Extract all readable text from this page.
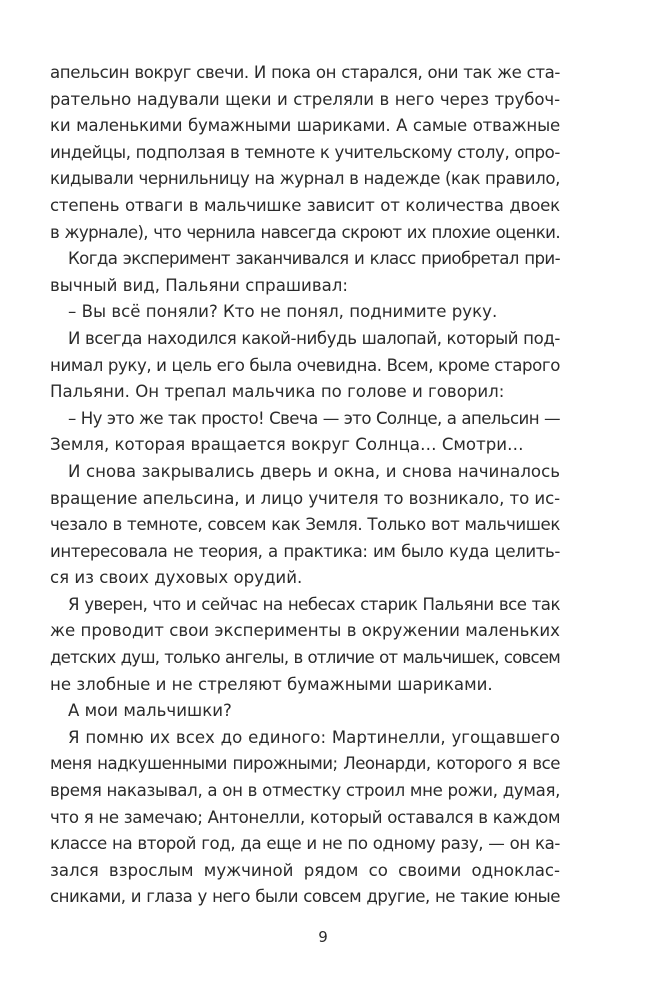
апельсин вокруг свечи. И пока он старался, они так же ста-
рательно надували щеки и стреляли в него через трубоч-
ки маленькими бумажными шариками. А самые отважные
индейцы, подползая в темноте к учительскому столу, опро-
кидывали чернильницу на журнал в надежде (как правило,
степень отваги в мальчишке зависит от количества двоек
в журнале), что чернила навсегда скроют их плохие оценки.
Когда эксперимент заканчивался и класс приобретал при-
вычный вид, Пальяни спрашивал:
– Вы всё поняли? Кто не понял, поднимите руку.
И всегда находился какой-нибудь шалопай, который под-
нимал руку, и цель его была очевидна. Всем, кроме старого
Пальяни. Он трепал мальчика по голове и говорил:
– Ну это же так просто! Свеча — это Солнце, а апельсин —
Земля, которая вращается вокруг Солнца… Смотри…
И снова закрывались дверь и окна, и снова начиналось
вращение апельсина, и лицо учителя то возникало, то ис-
чезало в темноте, совсем как Земля. Только вот мальчишек
интересовала не теория, а практика: им было куда целить-
ся из своих духовых орудий.
Я уверен, что и сейчас на небесах старик Пальяни все так
же проводит свои эксперименты в окружении маленьких
детских душ, только ангелы, в отличие от мальчишек, совсем
не злобные и не стреляют бумажными шариками.
А мои мальчишки?
Я помню их всех до единого: Мартинелли, угощавшего
меня надкушенными пирожными; Леонарди, которого я все
время наказывал, а он в отместку строил мне рожи, думая,
что я не замечаю; Антонелли, который оставался в каждом
классе на второй год, да еще и не по одному разу, — он ка-
зался взрослым мужчиной рядом со своими одноклас-
сниками, и глаза у него были совсем другие, не такие юные
9
